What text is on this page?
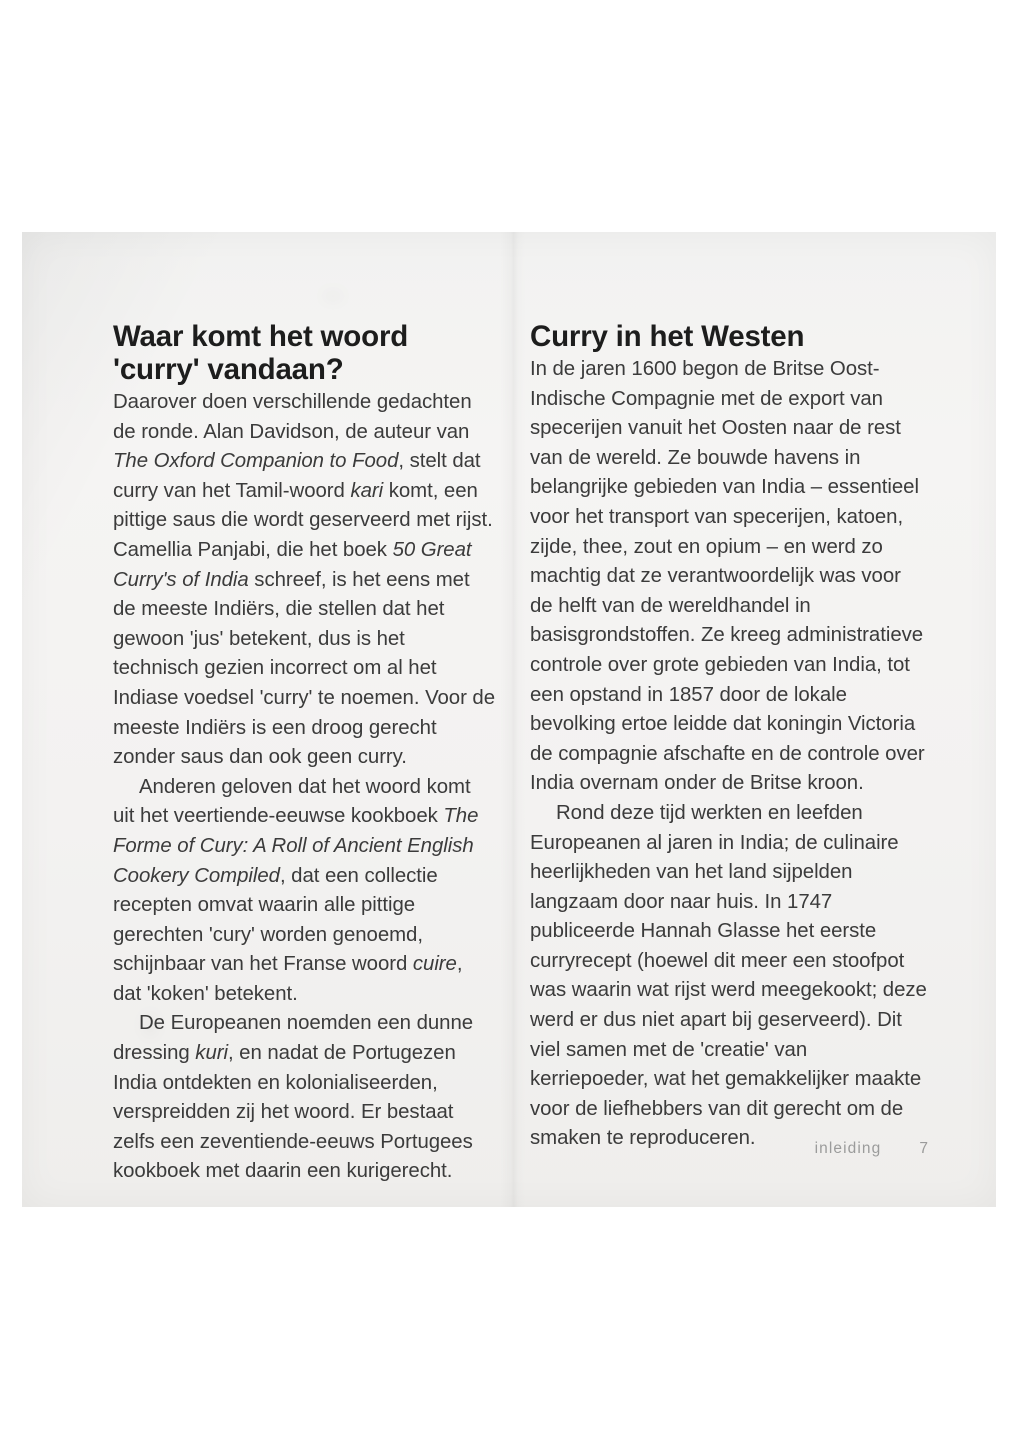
Waar komt het woord 'curry' vandaan?

Daarover doen verschillende gedachten de ronde. Alan Davidson, de auteur van The Oxford Companion to Food, stelt dat curry van het Tamil-woord kari komt, een pittige saus die wordt geserveerd met rijst. Camellia Panjabi, die het boek 50 Great Curry's of India schreef, is het eens met de meeste Indiërs, die stellen dat het gewoon 'jus' betekent, dus is het technisch gezien incorrect om al het Indiase voedsel 'curry' te noemen. Voor de meeste Indiërs is een droog gerecht zonder saus dan ook geen curry.

Anderen geloven dat het woord komt uit het veertiende-eeuwse kookboek The Forme of Cury: A Roll of Ancient English Cookery Compiled, dat een collectie recepten omvat waarin alle pittige gerechten 'cury' worden genoemd, schijnbaar van het Franse woord cuire, dat 'koken' betekent.

De Europeanen noemden een dunne dressing kuri, en nadat de Portugezen India ontdekten en kolonialiseerden, verspreidden zij het woord. Er bestaat zelfs een zeventiende-eeuws Portugees kookboek met daarin een kurigerecht.

Curry in het Westen

In de jaren 1600 begon de Britse Oost-Indische Compagnie met de export van specerijen vanuit het Oosten naar de rest van de wereld. Ze bouwde havens in belangrijke gebieden van India – essentieel voor het transport van specerijen, katoen, zijde, thee, zout en opium – en werd zo machtig dat ze verantwoordelijk was voor de helft van de wereldhandel in basisgrondstoffen. Ze kreeg administratieve controle over grote gebieden van India, tot een opstand in 1857 door de lokale bevolking ertoe leidde dat koningin Victoria de compagnie afschafte en de controle over India overnam onder de Britse kroon.

Rond deze tijd werkten en leefden Europeanen al jaren in India; de culinaire heerlijkheden van het land sijpelden langzaam door naar huis. In 1747 publiceerde Hannah Glasse het eerste curryrecept (hoewel dit meer een stoofpot was waarin wat rijst werd meegekookt; deze werd er dus niet apart bij geserveerd). Dit viel samen met de 'creatie' van kerriepoeder, wat het gemakkelijker maakte voor de liefhebbers van dit gerecht om de smaken te reproduceren.	inleiding 7
